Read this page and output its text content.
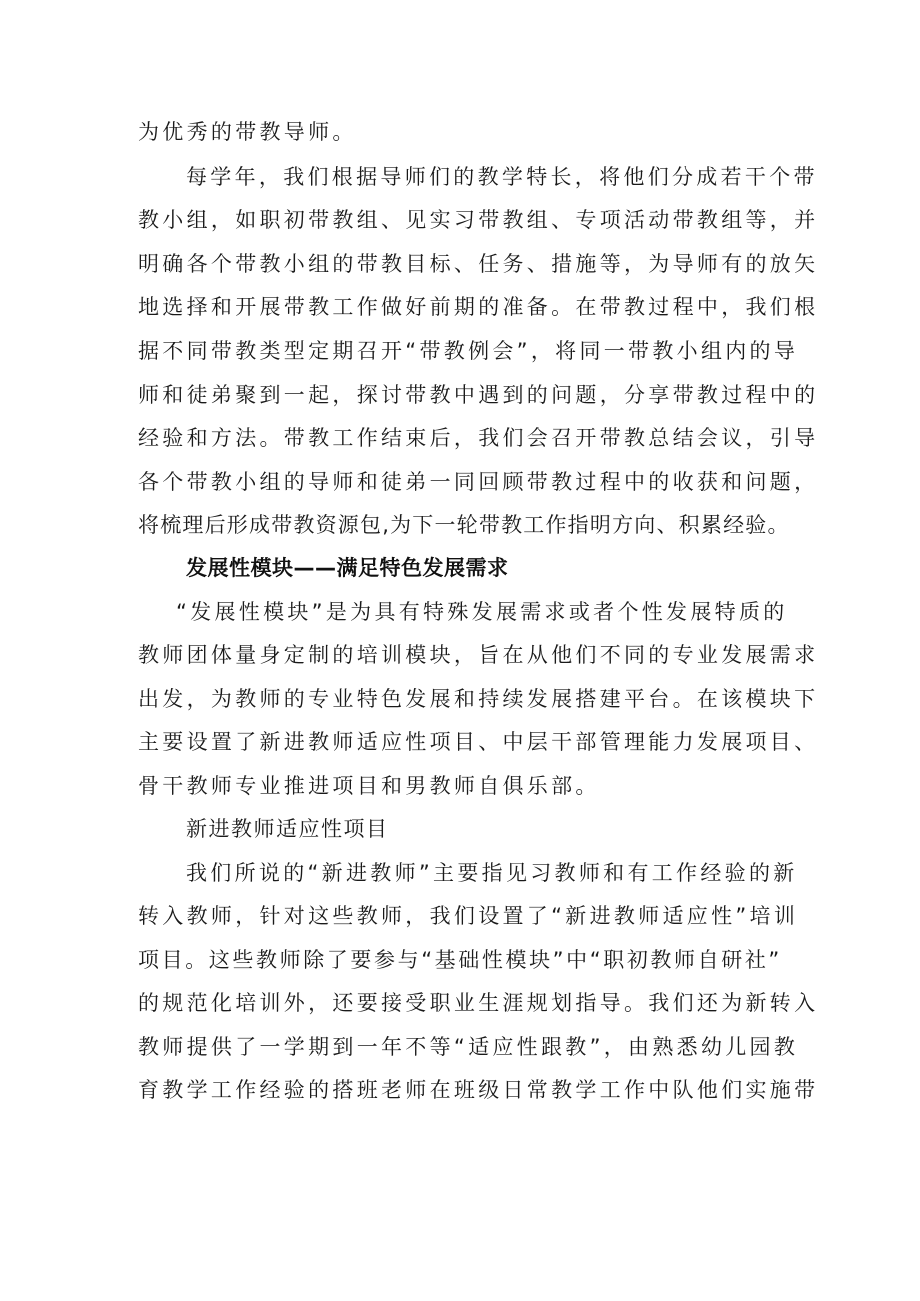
为优秀的带教导师。
每学年，我们根据导师们的教学特长，将他们分成若干个带
教小组，如职初带教组、见实习带教组、专项活动带教组等，并
明确各个带教小组的带教目标、任务、措施等，为导师有的放矢
地选择和开展带教工作做好前期的准备。在带教过程中，我们根
据不同带教类型定期召开“带教例会”，将同一带教小组内的导
师和徒弟聚到一起，探讨带教中遇到的问题，分享带教过程中的
经验和方法。带教工作结束后，我们会召开带教总结会议，引导
各个带教小组的导师和徒弟一同回顾带教过程中的收获和问题，
将梳理后形成带教资源包,为下一轮带教工作指明方向、积累经验。
发展性模块——满足特色发展需求
“发展性模块”是为具有特殊发展需求或者个性发展特质的
教师团体量身定制的培训模块，旨在从他们不同的专业发展需求
出发，为教师的专业特色发展和持续发展搭建平台。在该模块下
主要设置了新进教师适应性项目、中层干部管理能力发展项目、
骨干教师专业推进项目和男教师自俱乐部。
新进教师适应性项目
我们所说的“新进教师”主要指见习教师和有工作经验的新
转入教师，针对这些教师，我们设置了“新进教师适应性”培训
项目。这些教师除了要参与“基础性模块”中“职初教师自研社”
的规范化培训外，还要接受职业生涯规划指导。我们还为新转入
教师提供了一学期到一年不等“适应性跟教”，由熟悉幼儿园教
育教学工作经验的搭班老师在班级日常教学工作中队他们实施带
